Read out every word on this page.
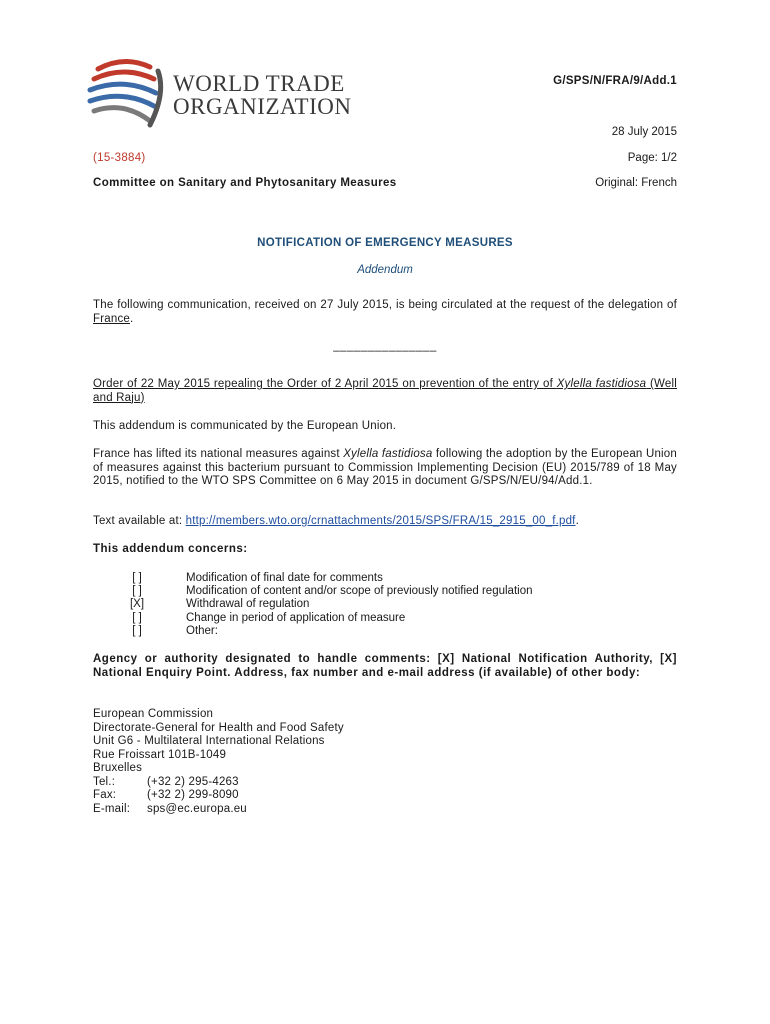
WORLD TRADE
ORGANIZATION
G/SPS/N/FRA/9/Add.1
28 July 2015
(15-3884)	Page: 1/2
Committee on Sanitary and Phytosanitary Measures	Original: French
NOTIFICATION OF EMERGENCY MEASURES
Addendum
The following communication, received on 27 July 2015, is being circulated at the request of the delegation of France.
_______________
Order of 22 May 2015 repealing the Order of 2 April 2015 on prevention of the entry of Xylella fastidiosa (Well and Raju)
This addendum is communicated by the European Union.
France has lifted its national measures against Xylella fastidiosa following the adoption by the European Union of measures against this bacterium pursuant to Commission Implementing Decision (EU) 2015/789 of 18 May 2015, notified to the WTO SPS Committee on 6 May 2015 in document G/SPS/N/EU/94/Add.1.
Text available at: http://members.wto.org/crnattachments/2015/SPS/FRA/15_2915_00_f.pdf.
This addendum concerns:
[ ]	Modification of final date for comments
[ ]	Modification of content and/or scope of previously notified regulation
[X]	Withdrawal of regulation
[ ]	Change in period of application of measure
[ ]	Other:
Agency or authority designated to handle comments: [X] National Notification Authority, [X] National Enquiry Point. Address, fax number and e-mail address (if available) of other body:
European Commission
Directorate-General for Health and Food Safety
Unit G6 - Multilateral International Relations
Rue Froissart 101B-1049
Bruxelles
Tel.:	(+32 2) 295-4263
Fax:	(+32 2) 299-8090
E-mail: sps@ec.europa.eu
